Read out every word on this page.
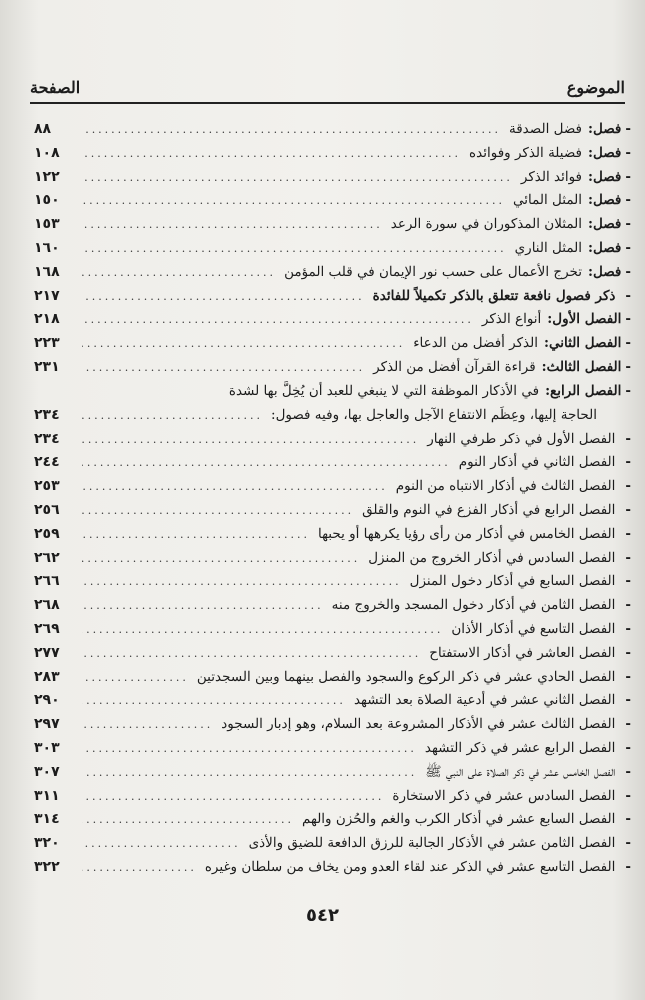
الموضوع
الصفحة
-
فصل:
فضل الصدقة
.....
٨٨
-
فصل:
فضيلة الذكر وفوائده
.....
١٠٨
-
فصل:
فوائد الذكر
.....
١٢٢
-
فصل:
المثل المائي
.....
١٥٠
-
فصل:
المثلان المذكوران في سورة الرعد
.....
١٥٣
-
فصل:
المثل الناري
.....
١٦٠
-
فصل:
تخرج الأعمال على حسب نور الإيمان في قلب المؤمن
.....
١٦٨
-
ذكر فصول نافعة تتعلق بالذكر تكميلاً للفائدة
.....
٢١٧
-
الفصل الأول:
أنواع الذكر
.....
٢١٨
-
الفصل الثاني:
الذكر أفضل من الدعاء
.....
٢٢٣
-
الفصل الثالث:
قراءة القرآن أفضل من الذكر
.....
٢٣١
-
الفصل الرابع:
في الأذكار الموظفة التي لا ينبغي للعبد أن يُخِلَّ بها لشدة
الحاجة إليها، وعِظَم الانتفاع الآجل والعاجل بها، وفيه فصول:
.....
٢٣٤
-
الفصل الأول في ذكر طرفي النهار
.....
٢٣٤
-
الفصل الثاني في أذكار النوم
.....
٢٤٤
-
الفصل الثالث في أذكار الانتباه من النوم
.....
٢٥٣
-
الفصل الرابع في أذكار الفزع في النوم والقلق
.....
٢٥٦
-
الفصل الخامس في أذكار من رأى رؤيا يكرهها أو يحبها
.....
٢٥٩
-
الفصل السادس في أذكار الخروج من المنزل
.....
٢٦٢
-
الفصل السابع في أذكار دخول المنزل
.....
٢٦٦
-
الفصل الثامن في أذكار دخول المسجد والخروج منه
.....
٢٦٨
-
الفصل التاسع في أذكار الأذان
.....
٢٦٩
-
الفصل العاشر في أذكار الاستفتاح
.....
٢٧٧
-
الفصل الحادي عشر في ذكر الركوع والسجود والفصل بينهما وبين السجدتين
.....
٢٨٣
-
الفصل الثاني عشر في أدعية الصلاة بعد التشهد
.....
٢٩٠
-
الفصل الثالث عشر في الأذكار المشروعة بعد السلام، وهو إدبار السجود
.....
٢٩٧
-
الفصل الرابع عشر في ذكر التشهد
.....
٣٠٣
-
الفصل الخامس عشر في ذكر الصلاة على النبي ﷺ
.....
٣٠٧
-
الفصل السادس عشر في ذكر الاستخارة
.....
٣١١
-
الفصل السابع عشر في أذكار الكرب والغم والحُزن والهم
.....
٣١٤
-
الفصل الثامن عشر في الأذكار الجالبة للرزق الدافعة للضيق والأذى
.....
٣٢٠
-
الفصل التاسع عشر في الذكر عند لقاء العدو ومن يخاف من سلطان وغيره
.....
٣٢٢
٥٤٢
